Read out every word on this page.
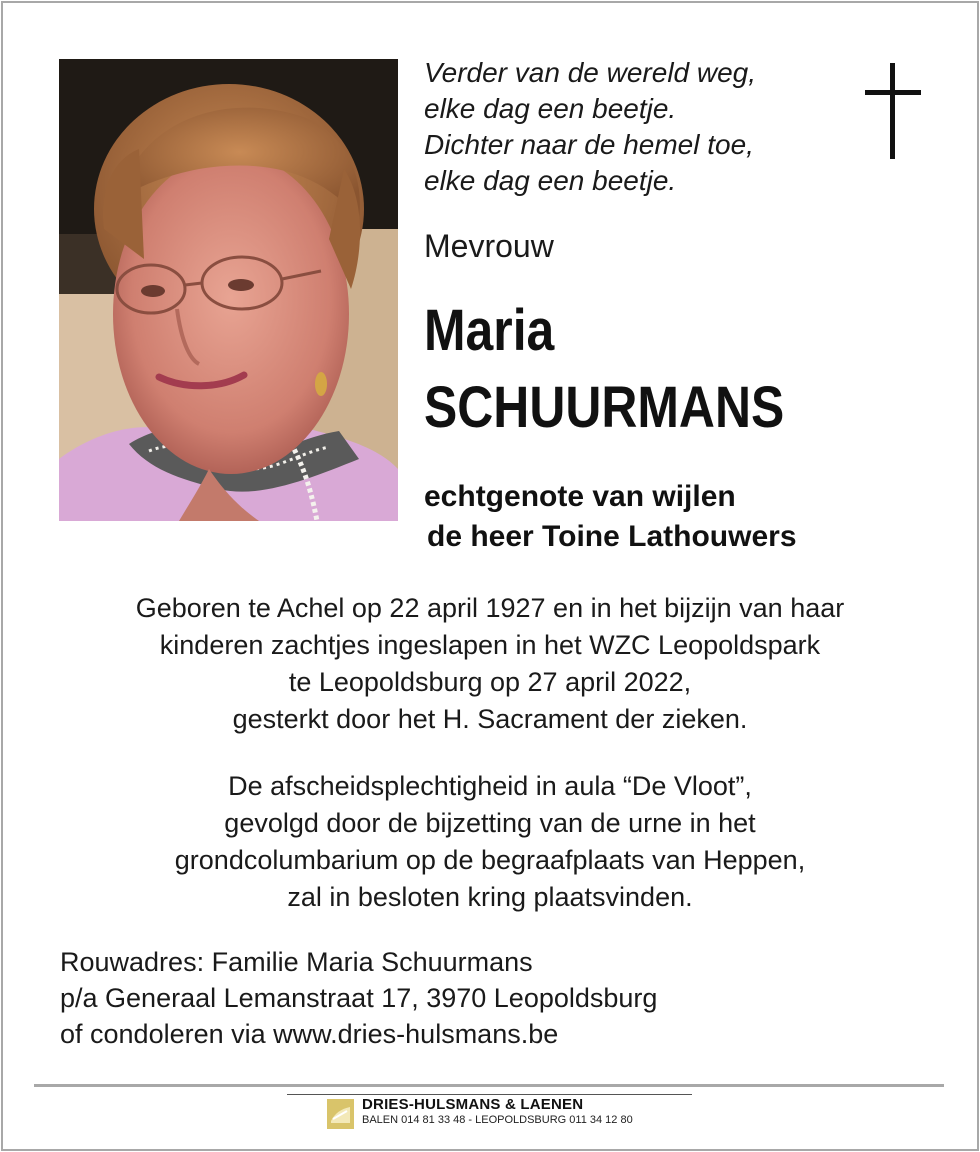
Verder van de wereld weg,
elke dag een beetje.
Dichter naar de hemel toe,
elke dag een beetje.
Mevrouw
Maria
SCHUURMANS
echtgenote van wijlen
de heer Toine Lathouwers
Geboren te Achel op 22 april 1927 en in het bijzijn van haar
kinderen zachtjes ingeslapen in het WZC Leopoldspark
te Leopoldsburg op 27 april 2022,
gesterkt door het H. Sacrament der zieken.
De afscheidsplechtigheid in aula “De Vloot”,
gevolgd door de bijzetting van de urne in het
grondcolumbarium op de begraafplaats van Heppen,
zal in besloten kring plaatsvinden.
Rouwadres: Familie Maria Schuurmans
p/a Generaal Lemanstraat 17, 3970 Leopoldsburg
of condoleren via www.dries-hulsmans.be
DRIES-HULSMANS & LAENEN
BALEN 014 81 33 48 - LEOPOLDSBURG 011 34 12 80
